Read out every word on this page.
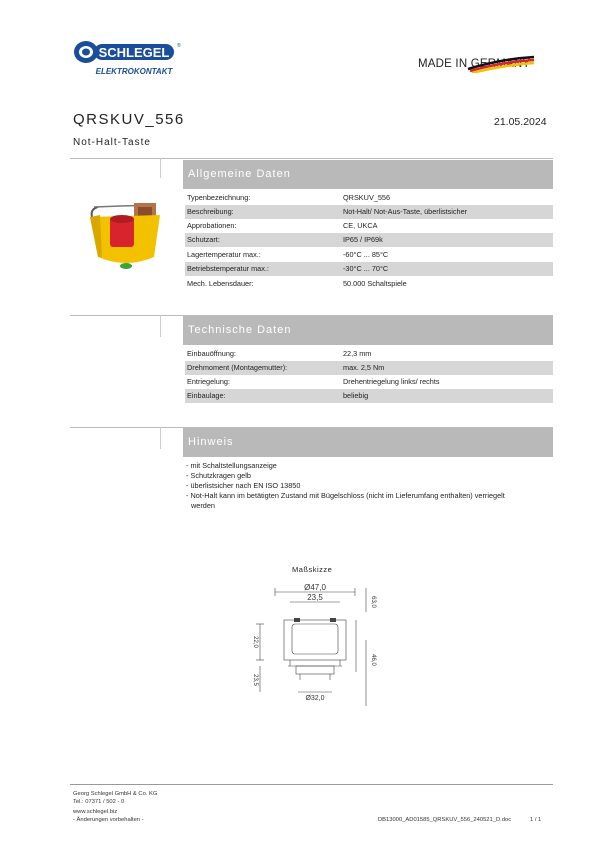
SCHLEGEL ®
ELEKTROKONTAKT
MADE IN GERMANY
QRSKUV_556	21.05.2024
Not-Halt-Taste
Allgemeine Daten
Typenbezeichnung:	QRSKUV_556
Beschreibung:	Not-Halt/ Not-Aus-Taste, überlistsicher
Approbationen:	CE, UKCA
Schutzart:	IP65 / IP69k
Lagertemperatur max.:	-60°C ... 85°C
Betriebstemperatur max.:	-30°C ... 70°C
Mech. Lebensdauer:	50.000 Schaltspiele
Technische Daten
Einbauöffnung:	22,3 mm
Drehmoment (Montagemutter):	max. 2,5 Nm
Entriegelung:	Drehentriegelung links/ rechts
Einbaulage:	beliebig
Hinweis
- mit Schaltstellungsanzeige
- Schutzkragen gelb
- überlistsicher nach EN ISO 13850
- Not-Halt kann im betätigten Zustand mit Bügelschloss (nicht im Lieferumfang enthalten) verriegelt
werden
Maßskizze
Ø47,0
23,5	63,0
22,0
23,5
46,0
Ø32,0
Georg Schlegel GmbH & Co. KG
Tel.: 07371 / 502 - 0
www.schlegel.biz
- Änderungen vorbehalten -	DB13000_AD01585_QRSKUV_556_240521_D.doc	1 / 1
